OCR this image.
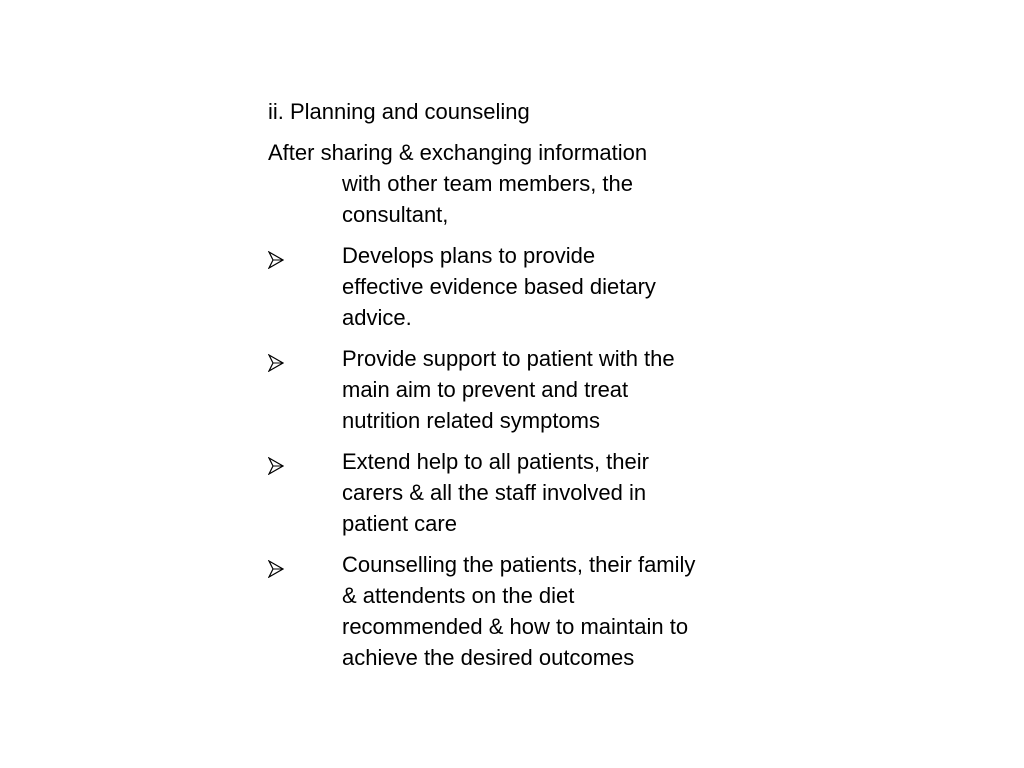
ii. Planning and counseling
After sharing & exchanging information
with other team members, the
consultant,
Develops plans to provide
effective evidence based dietary
advice.
Provide support to patient with the
main aim to prevent and treat
nutrition related symptoms
Extend help to all patients, their
carers & all the staff involved in
patient care
Counselling the patients, their family
& attendents on the diet
recommended & how to maintain to
achieve the desired outcomes
